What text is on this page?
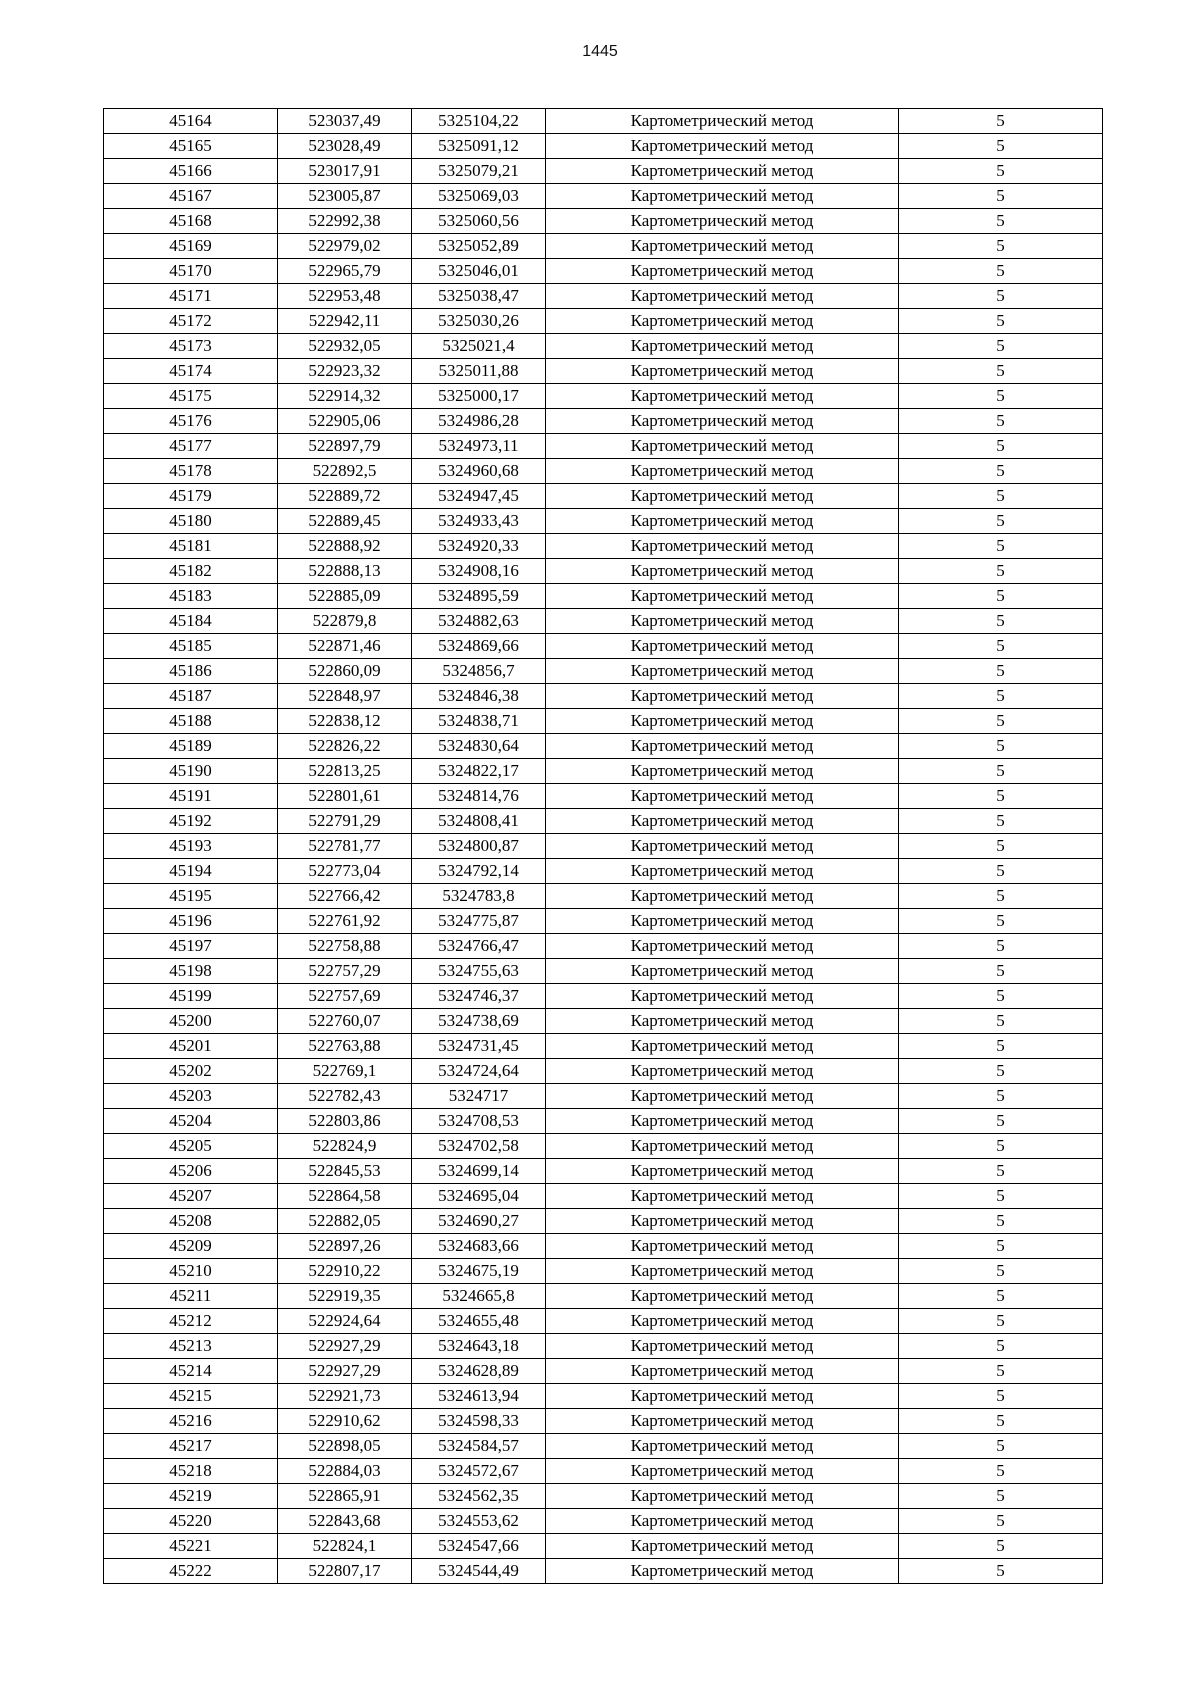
1445
45164	523037,49	5325104,22	Картометрический метод	5
45165	523028,49	5325091,12	Картометрический метод	5
45166	523017,91	5325079,21	Картометрический метод	5
45167	523005,87	5325069,03	Картометрический метод	5
45168	522992,38	5325060,56	Картометрический метод	5
45169	522979,02	5325052,89	Картометрический метод	5
45170	522965,79	5325046,01	Картометрический метод	5
45171	522953,48	5325038,47	Картометрический метод	5
45172	522942,11	5325030,26	Картометрический метод	5
45173	522932,05	5325021,4	Картометрический метод	5
45174	522923,32	5325011,88	Картометрический метод	5
45175	522914,32	5325000,17	Картометрический метод	5
45176	522905,06	5324986,28	Картометрический метод	5
45177	522897,79	5324973,11	Картометрический метод	5
45178	522892,5	5324960,68	Картометрический метод	5
45179	522889,72	5324947,45	Картометрический метод	5
45180	522889,45	5324933,43	Картометрический метод	5
45181	522888,92	5324920,33	Картометрический метод	5
45182	522888,13	5324908,16	Картометрический метод	5
45183	522885,09	5324895,59	Картометрический метод	5
45184	522879,8	5324882,63	Картометрический метод	5
45185	522871,46	5324869,66	Картометрический метод	5
45186	522860,09	5324856,7	Картометрический метод	5
45187	522848,97	5324846,38	Картометрический метод	5
45188	522838,12	5324838,71	Картометрический метод	5
45189	522826,22	5324830,64	Картометрический метод	5
45190	522813,25	5324822,17	Картометрический метод	5
45191	522801,61	5324814,76	Картометрический метод	5
45192	522791,29	5324808,41	Картометрический метод	5
45193	522781,77	5324800,87	Картометрический метод	5
45194	522773,04	5324792,14	Картометрический метод	5
45195	522766,42	5324783,8	Картометрический метод	5
45196	522761,92	5324775,87	Картометрический метод	5
45197	522758,88	5324766,47	Картометрический метод	5
45198	522757,29	5324755,63	Картометрический метод	5
45199	522757,69	5324746,37	Картометрический метод	5
45200	522760,07	5324738,69	Картометрический метод	5
45201	522763,88	5324731,45	Картометрический метод	5
45202	522769,1	5324724,64	Картометрический метод	5
45203	522782,43	5324717	Картометрический метод	5
45204	522803,86	5324708,53	Картометрический метод	5
45205	522824,9	5324702,58	Картометрический метод	5
45206	522845,53	5324699,14	Картометрический метод	5
45207	522864,58	5324695,04	Картометрический метод	5
45208	522882,05	5324690,27	Картометрический метод	5
45209	522897,26	5324683,66	Картометрический метод	5
45210	522910,22	5324675,19	Картометрический метод	5
45211	522919,35	5324665,8	Картометрический метод	5
45212	522924,64	5324655,48	Картометрический метод	5
45213	522927,29	5324643,18	Картометрический метод	5
45214	522927,29	5324628,89	Картометрический метод	5
45215	522921,73	5324613,94	Картометрический метод	5
45216	522910,62	5324598,33	Картометрический метод	5
45217	522898,05	5324584,57	Картометрический метод	5
45218	522884,03	5324572,67	Картометрический метод	5
45219	522865,91	5324562,35	Картометрический метод	5
45220	522843,68	5324553,62	Картометрический метод	5
45221	522824,1	5324547,66	Картометрический метод	5
45222	522807,17	5324544,49	Картометрический метод	5
